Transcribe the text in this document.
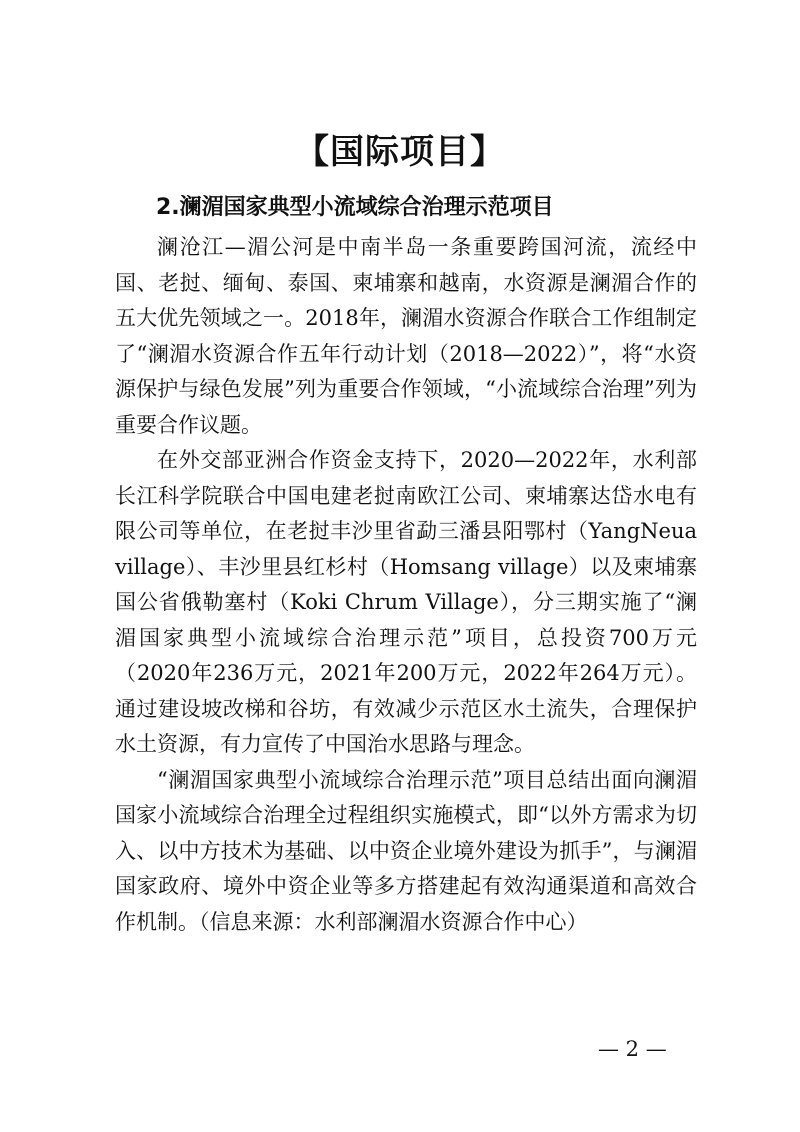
【国际项目】
2.澜湄国家典型小流域综合治理示范项目

澜沧江—湄公河是中南半岛一条重要跨国河流，流经中国、老挝、缅甸、泰国、柬埔寨和越南，水资源是澜湄合作的五大优先领域之一。2018年，澜湄水资源合作联合工作组制定了“澜湄水资源合作五年行动计划（2018—2022）”，将“水资源保护与绿色发展”列为重要合作领域，“小流域综合治理”列为重要合作议题。

在外交部亚洲合作资金支持下，2020—2022年，水利部长江科学院联合中国电建老挝南欧江公司、柬埔寨达岱水电有限公司等单位，在老挝丰沙里省勐三潘县阳鄂村（YangNeua village）、丰沙里县红杉村（Homsang village）以及柬埔寨国公省俄勒塞村（Koki Chrum Village），分三期实施了“澜湄国家典型小流域综合治理示范”项目，总投资700万元（2020年236万元，2021年200万元，2022年264万元）。通过建设坡改梯和谷坊，有效减少示范区水土流失，合理保护水土资源，有力宣传了中国治水思路与理念。

“澜湄国家典型小流域综合治理示范”项目总结出面向澜湄国家小流域综合治理全过程组织实施模式，即“以外方需求为切入、以中方技术为基础、以中资企业境外建设为抓手”，与澜湄国家政府、境外中资企业等多方搭建起有效沟通渠道和高效合作机制。（信息来源：水利部澜湄水资源合作中心）

— 2 —
